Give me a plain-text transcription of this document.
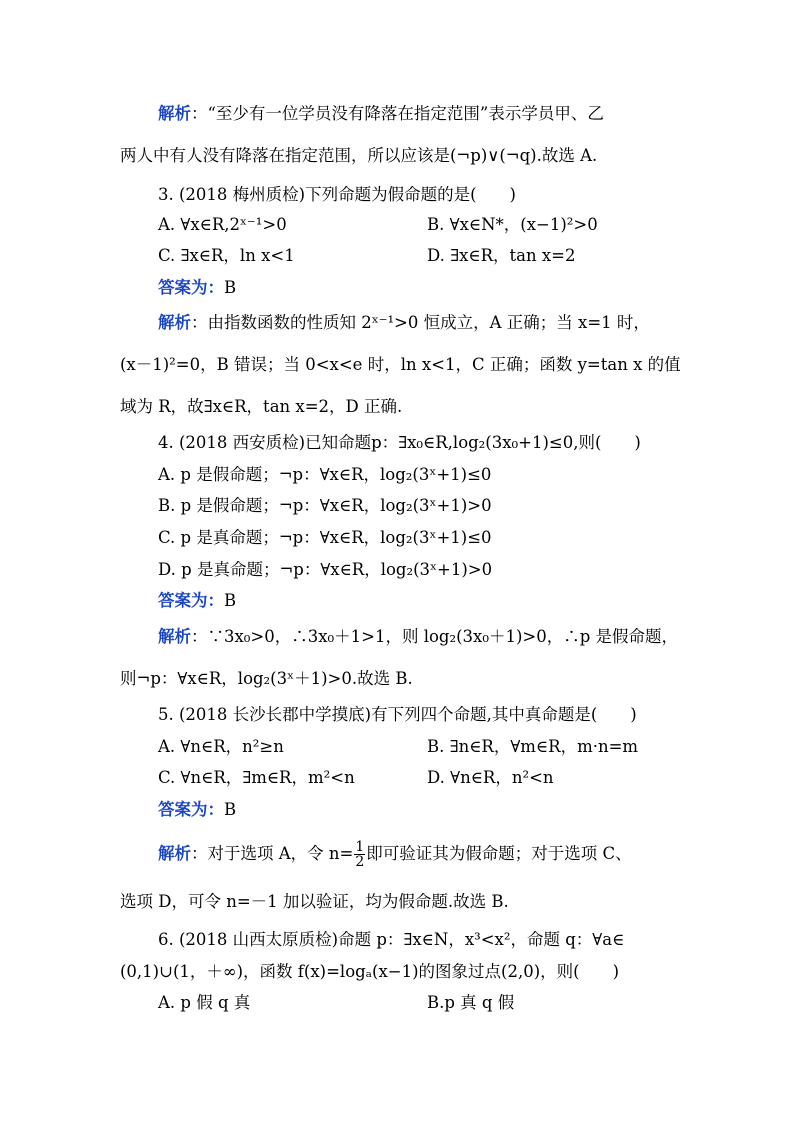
解析：“至少有一位学员没有降落在指定范围”表示学员甲、乙
两人中有人没有降落在指定范围，所以应该是(¬p)∨(¬q).故选 A.
3. (2018 梅州质检)下列命题为假命题的是(　　)
A. ∀x∈R,2ˣ⁻¹>0	B. ∀x∈N*，(x−1)²>0
C. ∃x∈R，ln x<1	D. ∃x∈R，tan x=2
答案为：B
解析：由指数函数的性质知 2ˣ⁻¹>0 恒成立，A 正确；当 x=1 时，
(x－1)²=0，B 错误；当 0<x<e 时，ln x<1，C 正确；函数 y=tan x 的值
域为 R，故∃x∈R，tan x=2，D 正确.
4. (2018 西安质检)已知命题p：∃x₀∈R,log₂(3x₀+1)≤0,则(　　)
A. p 是假命题；¬p：∀x∈R，log₂(3ˣ+1)≤0
B. p 是假命题；¬p：∀x∈R，log₂(3ˣ+1)>0
C. p 是真命题；¬p：∀x∈R，log₂(3ˣ+1)≤0
D. p 是真命题；¬p：∀x∈R，log₂(3ˣ+1)>0
答案为：B
解析：∵3x₀>0，∴3x₀＋1>1，则 log₂(3x₀＋1)>0，∴p 是假命题，
则¬p：∀x∈R，log₂(3ˣ＋1)>0.故选 B.
5. (2018 长沙长郡中学摸底)有下列四个命题,其中真命题是(　　)
A. ∀n∈R，n²≥n	B. ∃n∈R，∀m∈R，m·n=m
C. ∀n∈R，∃m∈R，m²<n	D. ∀n∈R，n²<n
答案为：B
解析：对于选项 A，令 $n= \frac{1}{2}$ 即可验证其为假命题；对于选项 C、
选项 D，可令 n=－1 加以验证，均为假命题.故选 B.
6. (2018 山西太原质检)命题 p：∃x∈N，x³<x²，命题 q：∀a∈
(0,1)∪(1，＋∞)，函数 f(x)=logₐ(x−1)的图象过点(2,0)，则(　　)
A. p 假 q 真	B.p 真 q 假
